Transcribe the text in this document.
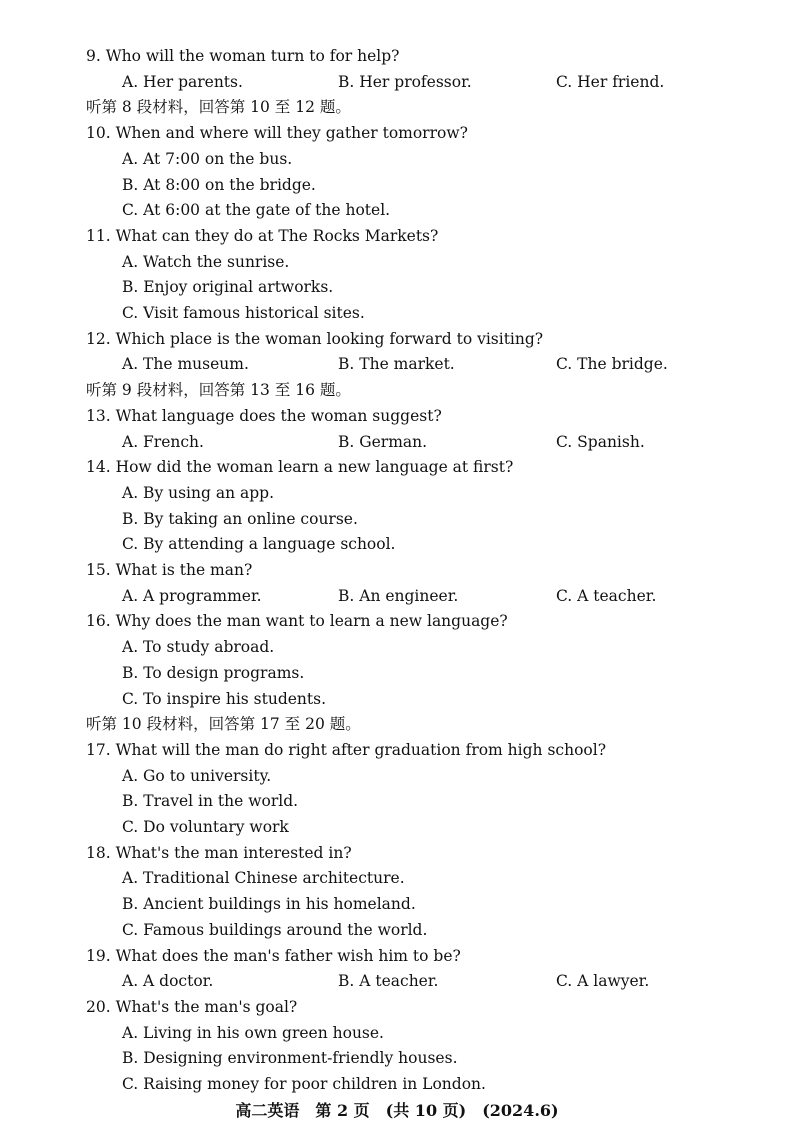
9. Who will the woman turn to for help?
A. Her parents.	B. Her professor.	C. Her friend.
听第 8 段材料，回答第 10 至 12 题。
10. When and where will they gather tomorrow?
A. At 7:00 on the bus.
B. At 8:00 on the bridge.
C. At 6:00 at the gate of the hotel.
11. What can they do at The Rocks Markets?
A. Watch the sunrise.
B. Enjoy original artworks.
C. Visit famous historical sites.
12. Which place is the woman looking forward to visiting?
A. The museum.	B. The market.	C. The bridge.
听第 9 段材料，回答第 13 至 16 题。
13. What language does the woman suggest?
A. French.	B. German.	C. Spanish.
14. How did the woman learn a new language at first?
A. By using an app.
B. By taking an online course.
C. By attending a language school.
15. What is the man?
A. A programmer.	B. An engineer.	C. A teacher.
16. Why does the man want to learn a new language?
A. To study abroad.
B. To design programs.
C. To inspire his students.
听第 10 段材料，回答第 17 至 20 题。
17. What will the man do right after graduation from high school?
A. Go to university.
B. Travel in the world.
C. Do voluntary work
18. What's the man interested in?
A. Traditional Chinese architecture.
B. Ancient buildings in his homeland.
C. Famous buildings around the world.
19. What does the man's father wish him to be?
A. A doctor.	B. A teacher.	C. A lawyer.
20. What's the man's goal?
A. Living in his own green house.
B. Designing environment-friendly houses.
C. Raising money for poor children in London.
高二英语　第 2 页　(共 10 页)　(2024.6)
